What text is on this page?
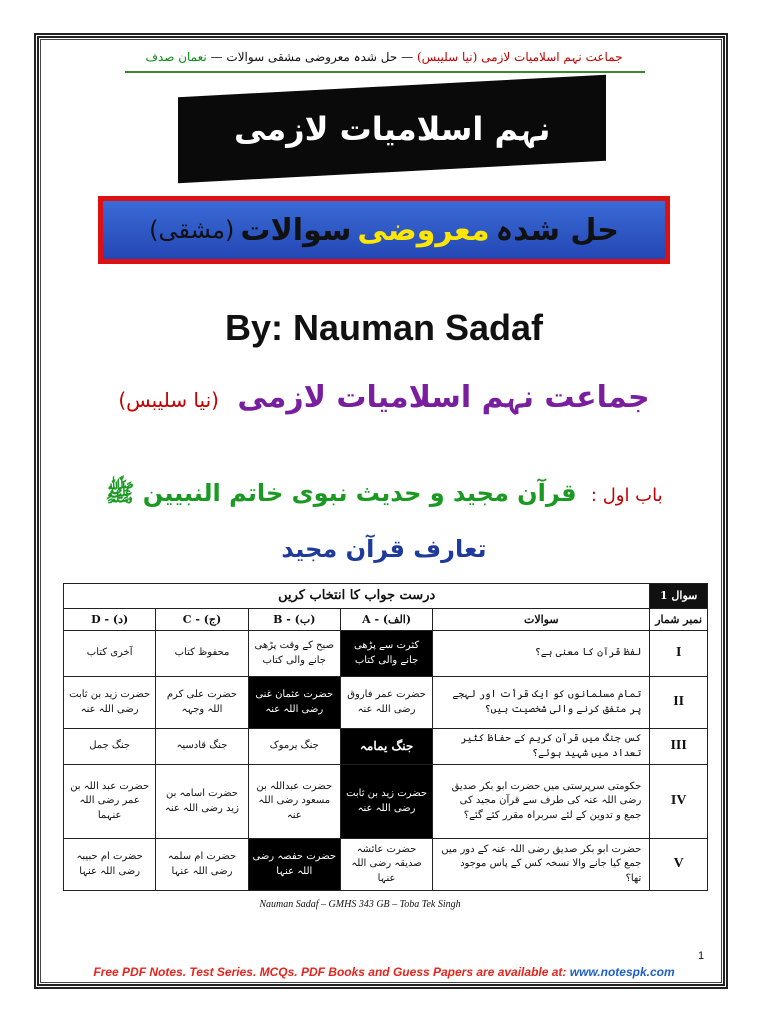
جماعت نہم اسلامیات لازمی (نیا سلیبس) — حل شدہ معروضی مشقی سوالات — نعمان صدف
نہم اسلامیات لازمی
حل شدہ
معروضی
سوالات
(مشقی)
By: Nauman Sadaf
جماعت نہم اسلامیات لازمی (نیا سلیبس)
باب اول : قرآن مجید و حدیث نبوی خاتم النبیین ﷺ
تعارف قرآن مجید
سوال 1	درست جواب کا انتخاب کریں				
نمبر شمار	سوالات	(الف) - A	(ب) - B	(ج) - C	(د) - D
I	لفظ قرآن کا معنی ہے؟	کثرت سے پڑھی جانے والی کتاب	صبح کے وقت پڑھی جانے والی کتاب	محفوظ کتاب	آخری کتاب
II	تمام مسلمانوں کو ایک قرأت اور لہجے پر متفق کرنے والی شخصیت ہیں؟	حضرت عمر فاروق رضی اللہ عنہ	حضرت عثمان غنی رضی اللہ عنہ	حضرت علی کرم اللہ وجہہ	حضرت زید بن ثابت رضی اللہ عنہ
III	کس جنگ میں قرآن کریم کے حفاظ کثیر تعداد میں شہید ہوئے؟	جنگ یمامہ	جنگ یرموک	جنگ قادسیہ	جنگ جمل
IV	حکومتی سرپرستی میں حضرت ابو بکر صدیق رضی اللہ عنہ کی طرف سے قرآن مجید کی جمع و تدوین کے لئے سربراہ مقرر کئے گئے؟	حضرت زید بن ثابت رضی اللہ عنہ	حضرت عبداللہ بن مسعود رضی اللہ عنہ	حضرت اسامہ بن زید رضی اللہ عنہ	حضرت عبد اللہ بن عمر رضی اللہ عنہما
V	حضرت ابو بکر صدیق رضی اللہ عنہ کے دور میں جمع کیا جانے والا نسخہ کس کے پاس موجود تھا؟	حضرت عائشہ صدیقہ رضی اللہ عنہا	حضرت حفصہ رضی اللہ عنہا	حضرت ام سلمہ رضی اللہ عنہا	حضرت ام حبیبہ رضی اللہ عنہا
Nauman Sadaf – GMHS 343 GB – Toba Tek Singh
1
Free PDF Notes. Test Series. MCQs. PDF Books and Guess Papers are available at: www.notespk.com
